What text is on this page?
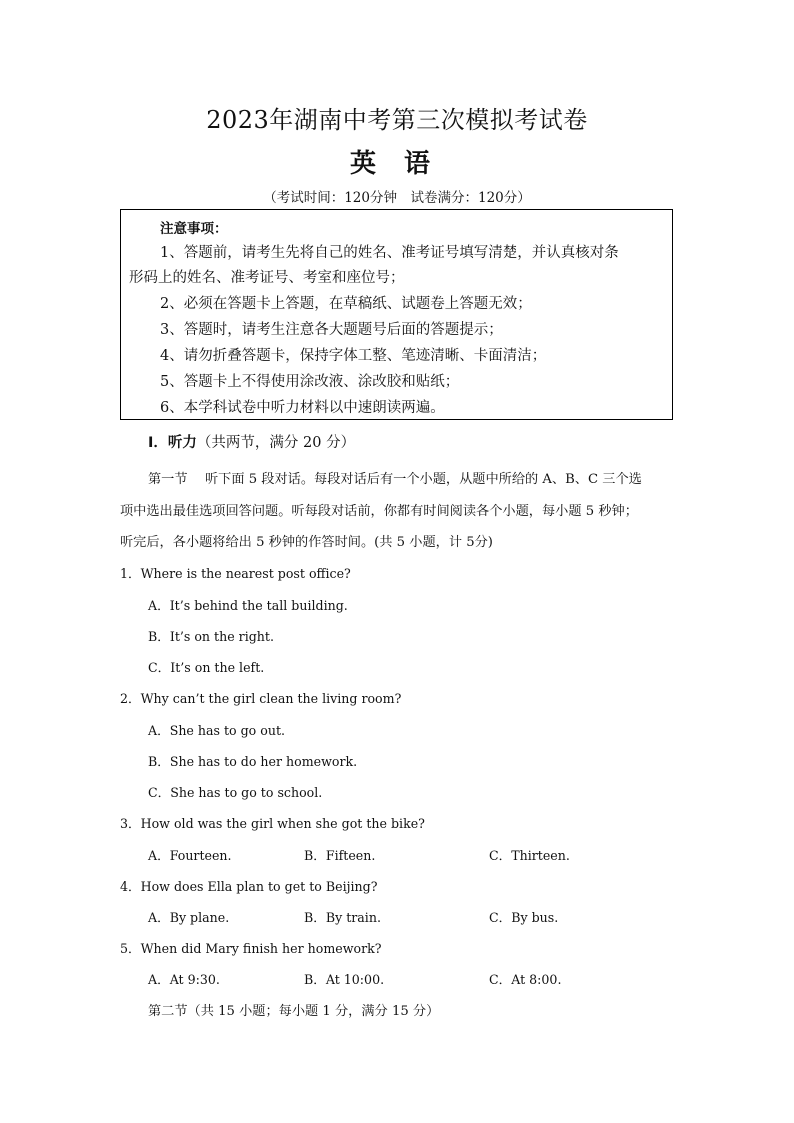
2023年湖南中考第三次模拟考试卷
英语
（考试时间：120分钟　试卷满分：120分）
注意事项：
1、答题前，请考生先将自己的姓名、准考证号填写清楚，并认真核对条
形码上的姓名、准考证号、考室和座位号；
2、必须在答题卡上答题，在草稿纸、试题卷上答题无效；
3、答题时，请考生注意各大题题号后面的答题提示；
4、请勿折叠答题卡，保持字体工整、笔迹清晰、卡面清洁；
5、答题卡上不得使用涂改液、涂改胶和贴纸；
6、本学科试卷中听力材料以中速朗读两遍。
I．听力（共两节，满分 20 分）
第一节　 听下面 5 段对话。每段对话后有一个小题，从题中所给的 A、B、C 三个选
项中选出最佳选项回答问题。听每段对话前，你都有时间阅读各个小题，每小题 5 秒钟；
听完后，各小题将给出 5 秒钟的作答时间。(共 5 小题，计 5分)
1．Where is the nearest post office?
A．It’s behind the tall building.
B．It’s on the right.
C．It’s on the left.
2．Why can’t the girl clean the living room?
A．She has to go out.
B．She has to do her homework.
C．She has to go to school.
3．How old was the girl when she got the bike?
A．Fourteen.	B．Fifteen.	C．Thirteen.
4．How does Ella plan to get to Beijing?
A．By plane.	B．By train.	C．By bus.
5．When did Mary finish her homework?
A．At 9:30.	B．At 10:00.	C．At 8:00.
第二节（共 15 小题；每小题 1 分，满分 15 分）
